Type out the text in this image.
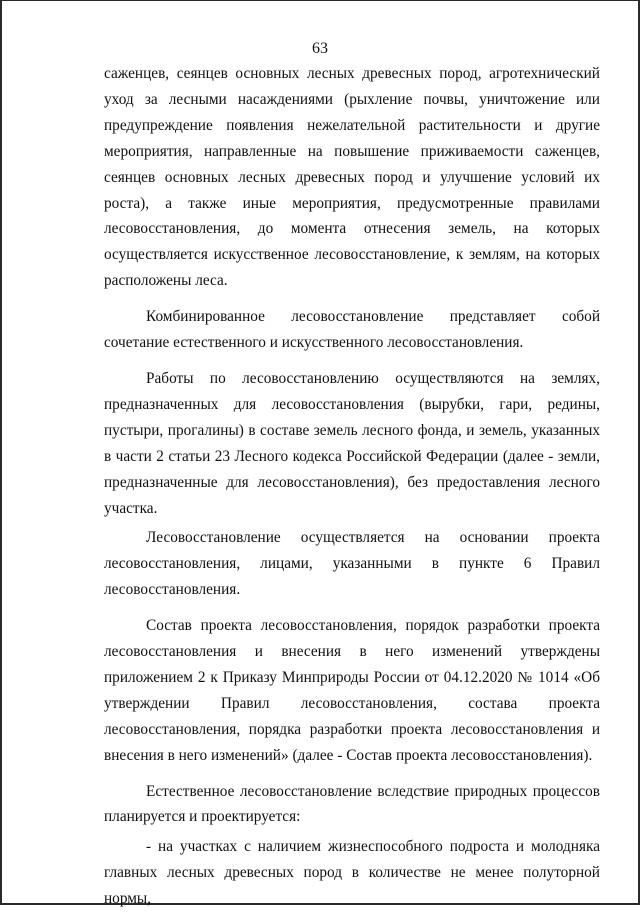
63

саженцев, сеянцев основных лесных древесных пород, агротехнический уход за лесными насаждениями (рыхление почвы, уничтожение или предупреждение появления нежелательной растительности и другие мероприятия, направленные на повышение приживаемости саженцев, сеянцев основных лесных древесных пород и улучшение условий их роста), а также иные мероприятия, предусмотренные правилами лесовосстановления, до момента отнесения земель, на которых осуществляется искусственное лесовосстановление, к землям, на которых расположены леса.

Комбинированное лесовосстановление представляет собой сочетание естественного и искусственного лесовосстановления.

Работы по лесовосстановлению осуществляются на землях, предназначенных для лесовосстановления (вырубки, гари, редины, пустыри, прогалины) в составе земель лесного фонда, и земель, указанных в части 2 статьи 23 Лесного кодекса Российской Федерации (далее - земли, предназначенные для лесовосстановления), без предоставления лесного участка.

Лесовосстановление осуществляется на основании проекта лесовосстановления, лицами, указанными в пункте 6 Правил лесовосстановления.

Состав проекта лесовосстановления, порядок разработки проекта лесовосстановления и внесения в него изменений утверждены приложением 2 к Приказу Минприроды России от 04.12.2020 № 1014 «Об утверждении Правил лесовосстановления, состава проекта лесовосстановления, порядка разработки проекта лесовосстановления и внесения в него изменений» (далее - Состав проекта лесовосстановления).

Естественное лесовосстановление вследствие природных процессов планируется и проектируется:

- на участках с наличием жизнеспособного подроста и молодняка главных лесных древесных пород в количестве не менее полуторной нормы,
